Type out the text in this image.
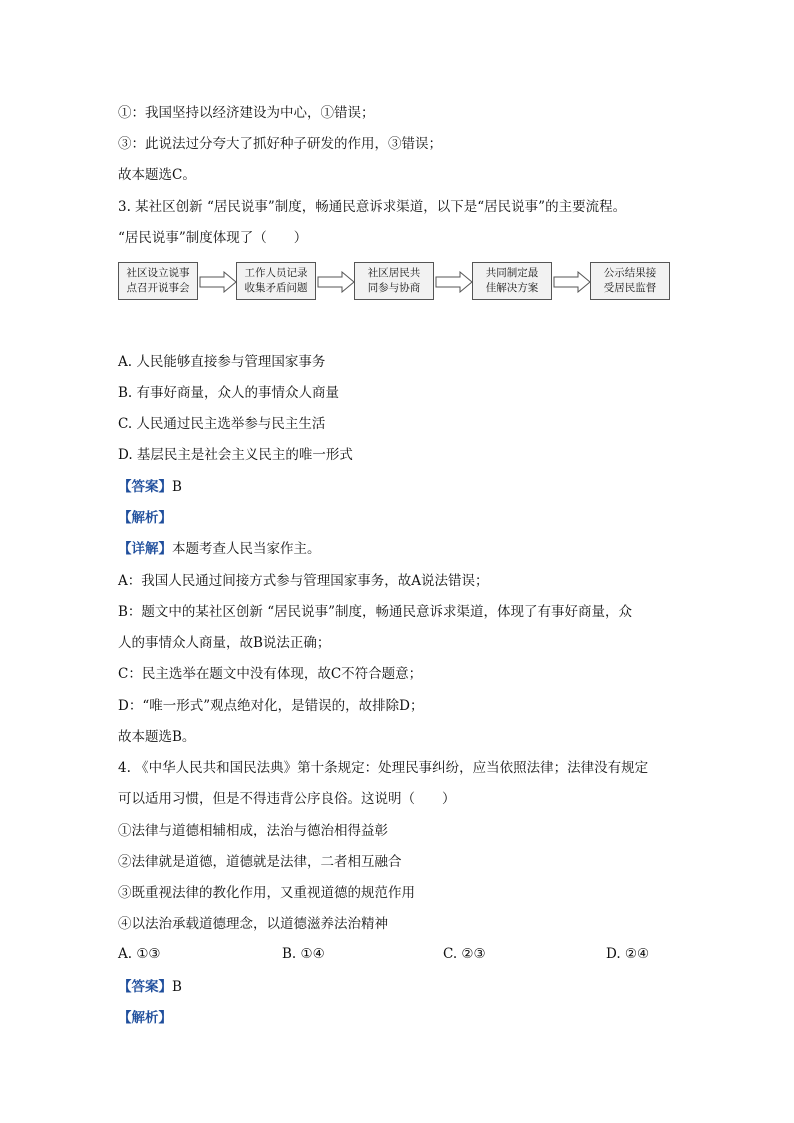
①：我国坚持以经济建设为中心，①错误；
③：此说法过分夸大了抓好种子研发的作用，③错误；
故本题选C。
3. 某社区创新 “居民说事”制度，畅通民意诉求渠道，以下是“居民说事”的主要流程。
“居民说事”制度体现了（　　）
社区设立说事
点召开说事会
工作人员记录
收集矛盾问题
社区居民共
同参与协商
共同制定最
佳解决方案
公示结果接
受居民监督
A. 人民能够直接参与管理国家事务
B. 有事好商量，众人的事情众人商量
C. 人民通过民主选举参与民主生活
D. 基层民主是社会主义民主的唯一形式
【答案】B
【解析】
【详解】本题考查人民当家作主。
A：我国人民通过间接方式参与管理国家事务，故A说法错误；
B：题文中的某社区创新 “居民说事”制度，畅通民意诉求渠道，体现了有事好商量，众
人的事情众人商量，故B说法正确；
C：民主选举在题文中没有体现，故C不符合题意；
D：“唯一形式”观点绝对化，是错误的，故排除D；
故本题选B。
4. 《中华人民共和国民法典》第十条规定：处理民事纠纷，应当依照法律；法律没有规定
可以适用习惯，但是不得违背公序良俗。这说明（　　）
①法律与道德相辅相成，法治与德治相得益彰
②法律就是道德，道德就是法律，二者相互融合
③既重视法律的教化作用，又重视道德的规范作用
④以法治承载道德理念，以道德滋养法治精神
A. ①③	B. ①④	C. ②③	D. ②④
【答案】B
【解析】
